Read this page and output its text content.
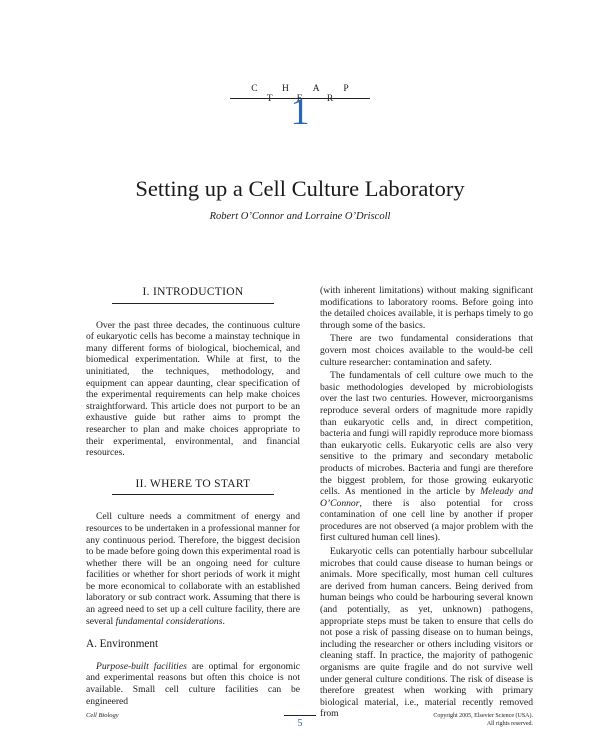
C H A P T E R
1
Setting up a Cell Culture Laboratory
Robert O’Connor and Lorraine O’Driscoll
I. INTRODUCTION

Over the past three decades, the continuous culture of eukaryotic cells has become a mainstay technique in many different forms of biological, biochemical, and biomedical experimentation. While at first, to the uninitiated, the techniques, methodology, and equipment can appear daunting, clear specification of the experimental requirements can help make choices straightforward. This article does not purport to be an exhaustive guide but rather aims to prompt the researcher to plan and make choices appropriate to their experimental, environmental, and financial resources.

II. WHERE TO START

Cell culture needs a commitment of energy and resources to be undertaken in a professional manner for any continuous period. Therefore, the biggest decision to be made before going down this experimental road is whether there will be an ongoing need for culture facilities or whether for short periods of work it might be more economical to collaborate with an established laboratory or sub contract work. Assuming that there is an agreed need to set up a cell culture facility, there are several fundamental considerations.

A. Environment

Purpose-built facilities are optimal for ergonomic and experimental reasons but often this choice is not available. Small cell culture facilities can be engineered

(with inherent limitations) without making significant modifications to laboratory rooms. Before going into the detailed choices available, it is perhaps timely to go through some of the basics.

There are two fundamental considerations that govern most choices available to the would-be cell culture researcher: contamination and safety.

The fundamentals of cell culture owe much to the basic methodologies developed by microbiologists over the last two centuries. However, microorganisms reproduce several orders of magnitude more rapidly than eukaryotic cells and, in direct competition, bacteria and fungi will rapidly reproduce more biomass than eukaryotic cells. Eukaryotic cells are also very sensitive to the primary and secondary metabolic products of microbes. Bacteria and fungi are therefore the biggest problem, for those growing eukaryotic cells. As mentioned in the article by Meleady and O’Connor, there is also potential for cross contamination of one cell line by another if proper procedures are not observed (a major problem with the first cultured human cell lines).

Eukaryotic cells can potentially harbour subcellular microbes that could cause disease to human beings or animals. More specifically, most human cell cultures are derived from human cancers. Being derived from human beings who could be harbouring several known (and potentially, as yet, unknown) pathogens, appropriate steps must be taken to ensure that cells do not pose a risk of passing disease on to human beings, including the researcher or others including visitors or cleaning staff. In practice, the majority of pathogenic organisms are quite fragile and do not survive well under general culture conditions. The risk of disease is therefore greatest when working with primary biological material, i.e., material recently removed from

Cell Biology
5
Copyright 2005, Elsevier Science (USA).
All rights reserved.
